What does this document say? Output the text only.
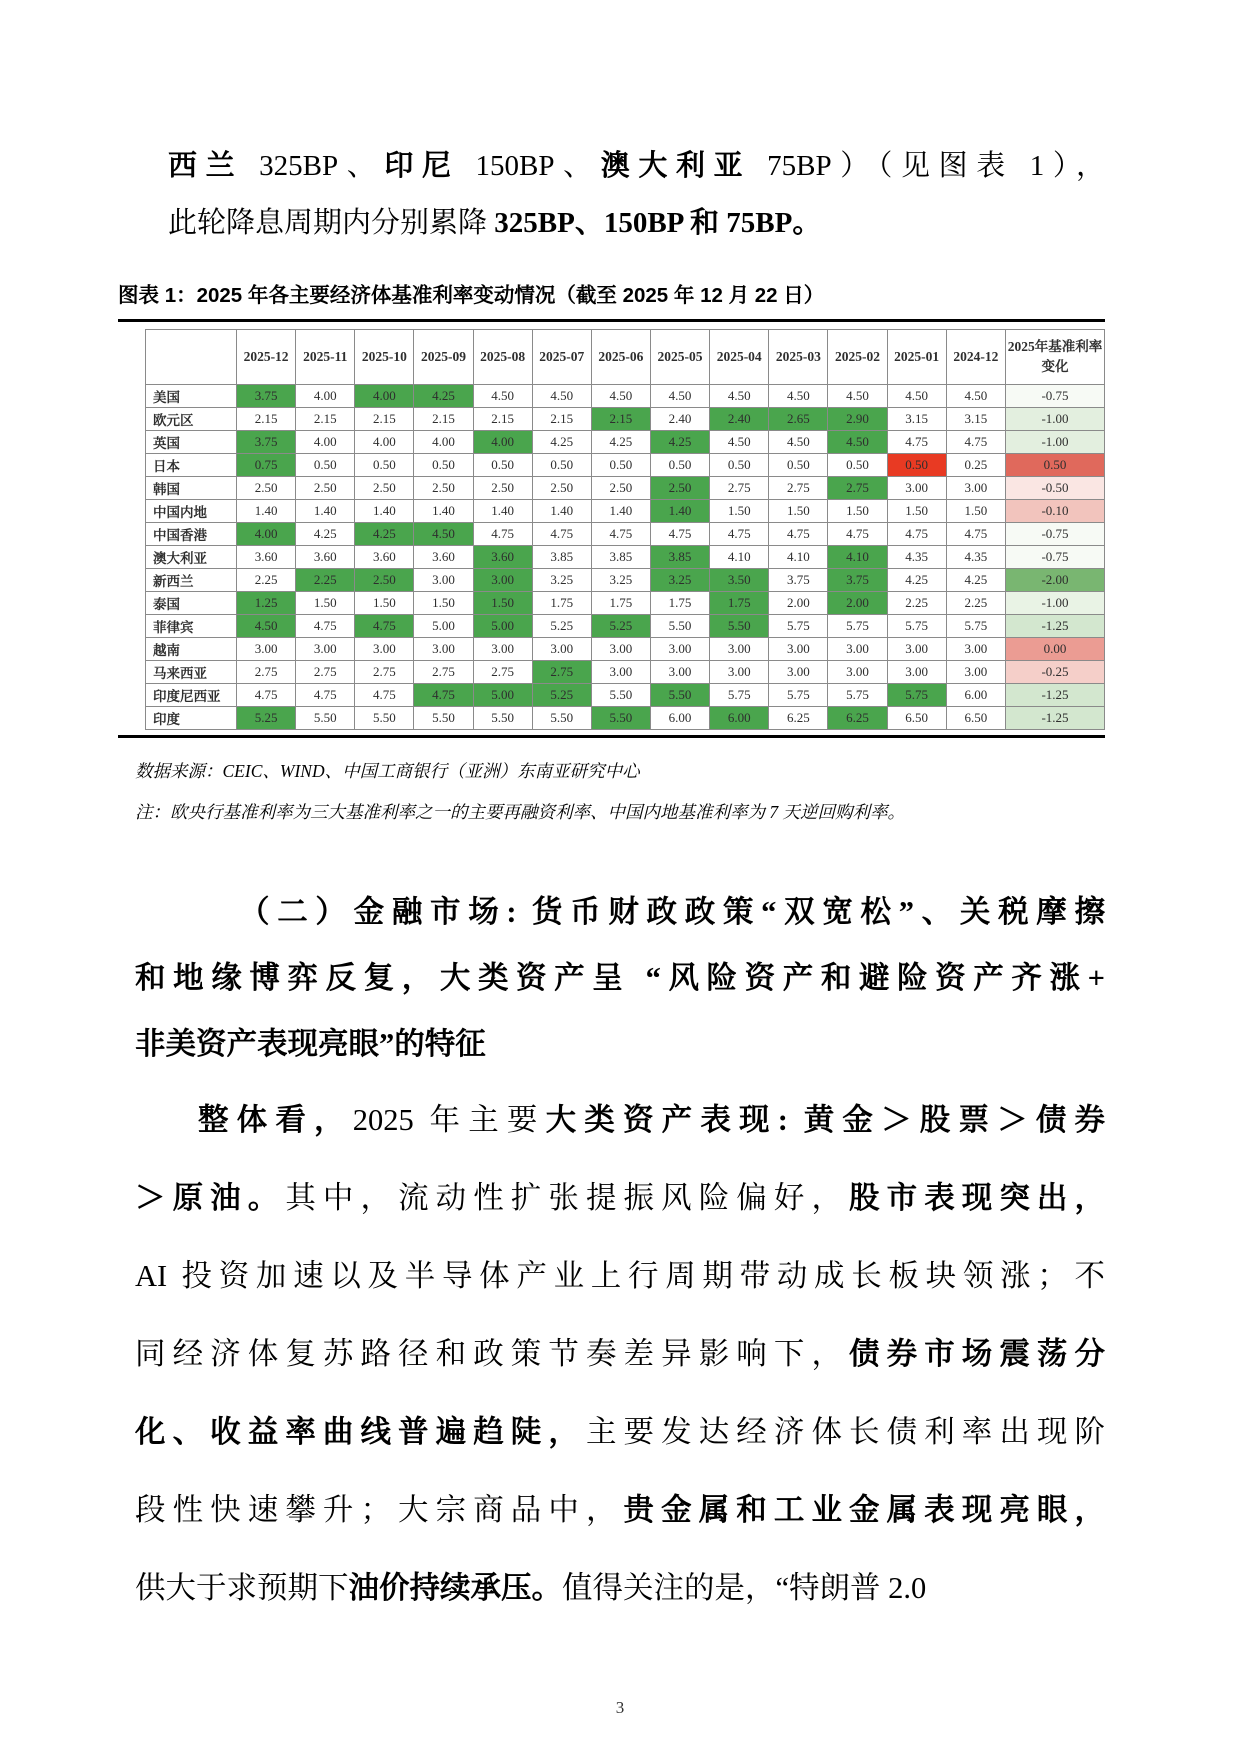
西兰 325BP、印尼 150BP、澳大利亚 75BP）（见图表 1），
此轮降息周期内分别累降 325BP、150BP 和 75BP。
图表 1：2025 年各主要经济体基准利率变动情况（截至 2025 年 12 月 22 日）
	2025-12	2025-11	2025-10	2025-09	2025-08	2025-07	2025-06	2025-05	2025-04	2025-03	2025-02	2025-01	2024-12	2025年基准利率变化
美国	3.75	4.00	4.00	4.25	4.50	4.50	4.50	4.50	4.50	4.50	4.50	4.50	4.50	-0.75
欧元区	2.15	2.15	2.15	2.15	2.15	2.15	2.15	2.40	2.40	2.65	2.90	3.15	3.15	-1.00
英国	3.75	4.00	4.00	4.00	4.00	4.25	4.25	4.25	4.50	4.50	4.50	4.75	4.75	-1.00
日本	0.75	0.50	0.50	0.50	0.50	0.50	0.50	0.50	0.50	0.50	0.50	0.50	0.25	0.50
韩国	2.50	2.50	2.50	2.50	2.50	2.50	2.50	2.50	2.75	2.75	2.75	3.00	3.00	-0.50
中国内地	1.40	1.40	1.40	1.40	1.40	1.40	1.40	1.40	1.50	1.50	1.50	1.50	1.50	-0.10
中国香港	4.00	4.25	4.25	4.50	4.75	4.75	4.75	4.75	4.75	4.75	4.75	4.75	4.75	-0.75
澳大利亚	3.60	3.60	3.60	3.60	3.60	3.85	3.85	3.85	4.10	4.10	4.10	4.35	4.35	-0.75
新西兰	2.25	2.25	2.50	3.00	3.00	3.25	3.25	3.25	3.50	3.75	3.75	4.25	4.25	-2.00
泰国	1.25	1.50	1.50	1.50	1.50	1.75	1.75	1.75	1.75	2.00	2.00	2.25	2.25	-1.00
菲律宾	4.50	4.75	4.75	5.00	5.00	5.25	5.25	5.50	5.50	5.75	5.75	5.75	5.75	-1.25
越南	3.00	3.00	3.00	3.00	3.00	3.00	3.00	3.00	3.00	3.00	3.00	3.00	3.00	0.00
马来西亚	2.75	2.75	2.75	2.75	2.75	2.75	3.00	3.00	3.00	3.00	3.00	3.00	3.00	-0.25
印度尼西亚	4.75	4.75	4.75	4.75	5.00	5.25	5.50	5.50	5.75	5.75	5.75	5.75	6.00	-1.25
印度	5.25	5.50	5.50	5.50	5.50	5.50	5.50	6.00	6.00	6.25	6.25	6.50	6.50	-1.25
数据来源：CEIC、WIND、中国工商银行（亚洲）东南亚研究中心
注：欧央行基准利率为三大基准利率之一的主要再融资利率、中国内地基准利率为 7 天逆回购利率。
（二）金融市场: 货币财政政策“双宽松”、关税摩擦
和地缘博弈反复，大类资产呈 “风险资产和避险资产齐涨+
非美资产表现亮眼”的特征
整体看，2025 年主要大类资产表现: 黄金＞股票＞债券
＞原油。其中，流动性扩张提振风险偏好，股市表现突出，
AI 投资加速以及半导体产业上行周期带动成长板块领涨；不
同经济体复苏路径和政策节奏差异影响下，债券市场震荡分
化、收益率曲线普遍趋陡，主要发达经济体长债利率出现阶
段性快速攀升；大宗商品中，贵金属和工业金属表现亮眼，
供大于求预期下油价持续承压。值得关注的是，“特朗普 2.0
3
